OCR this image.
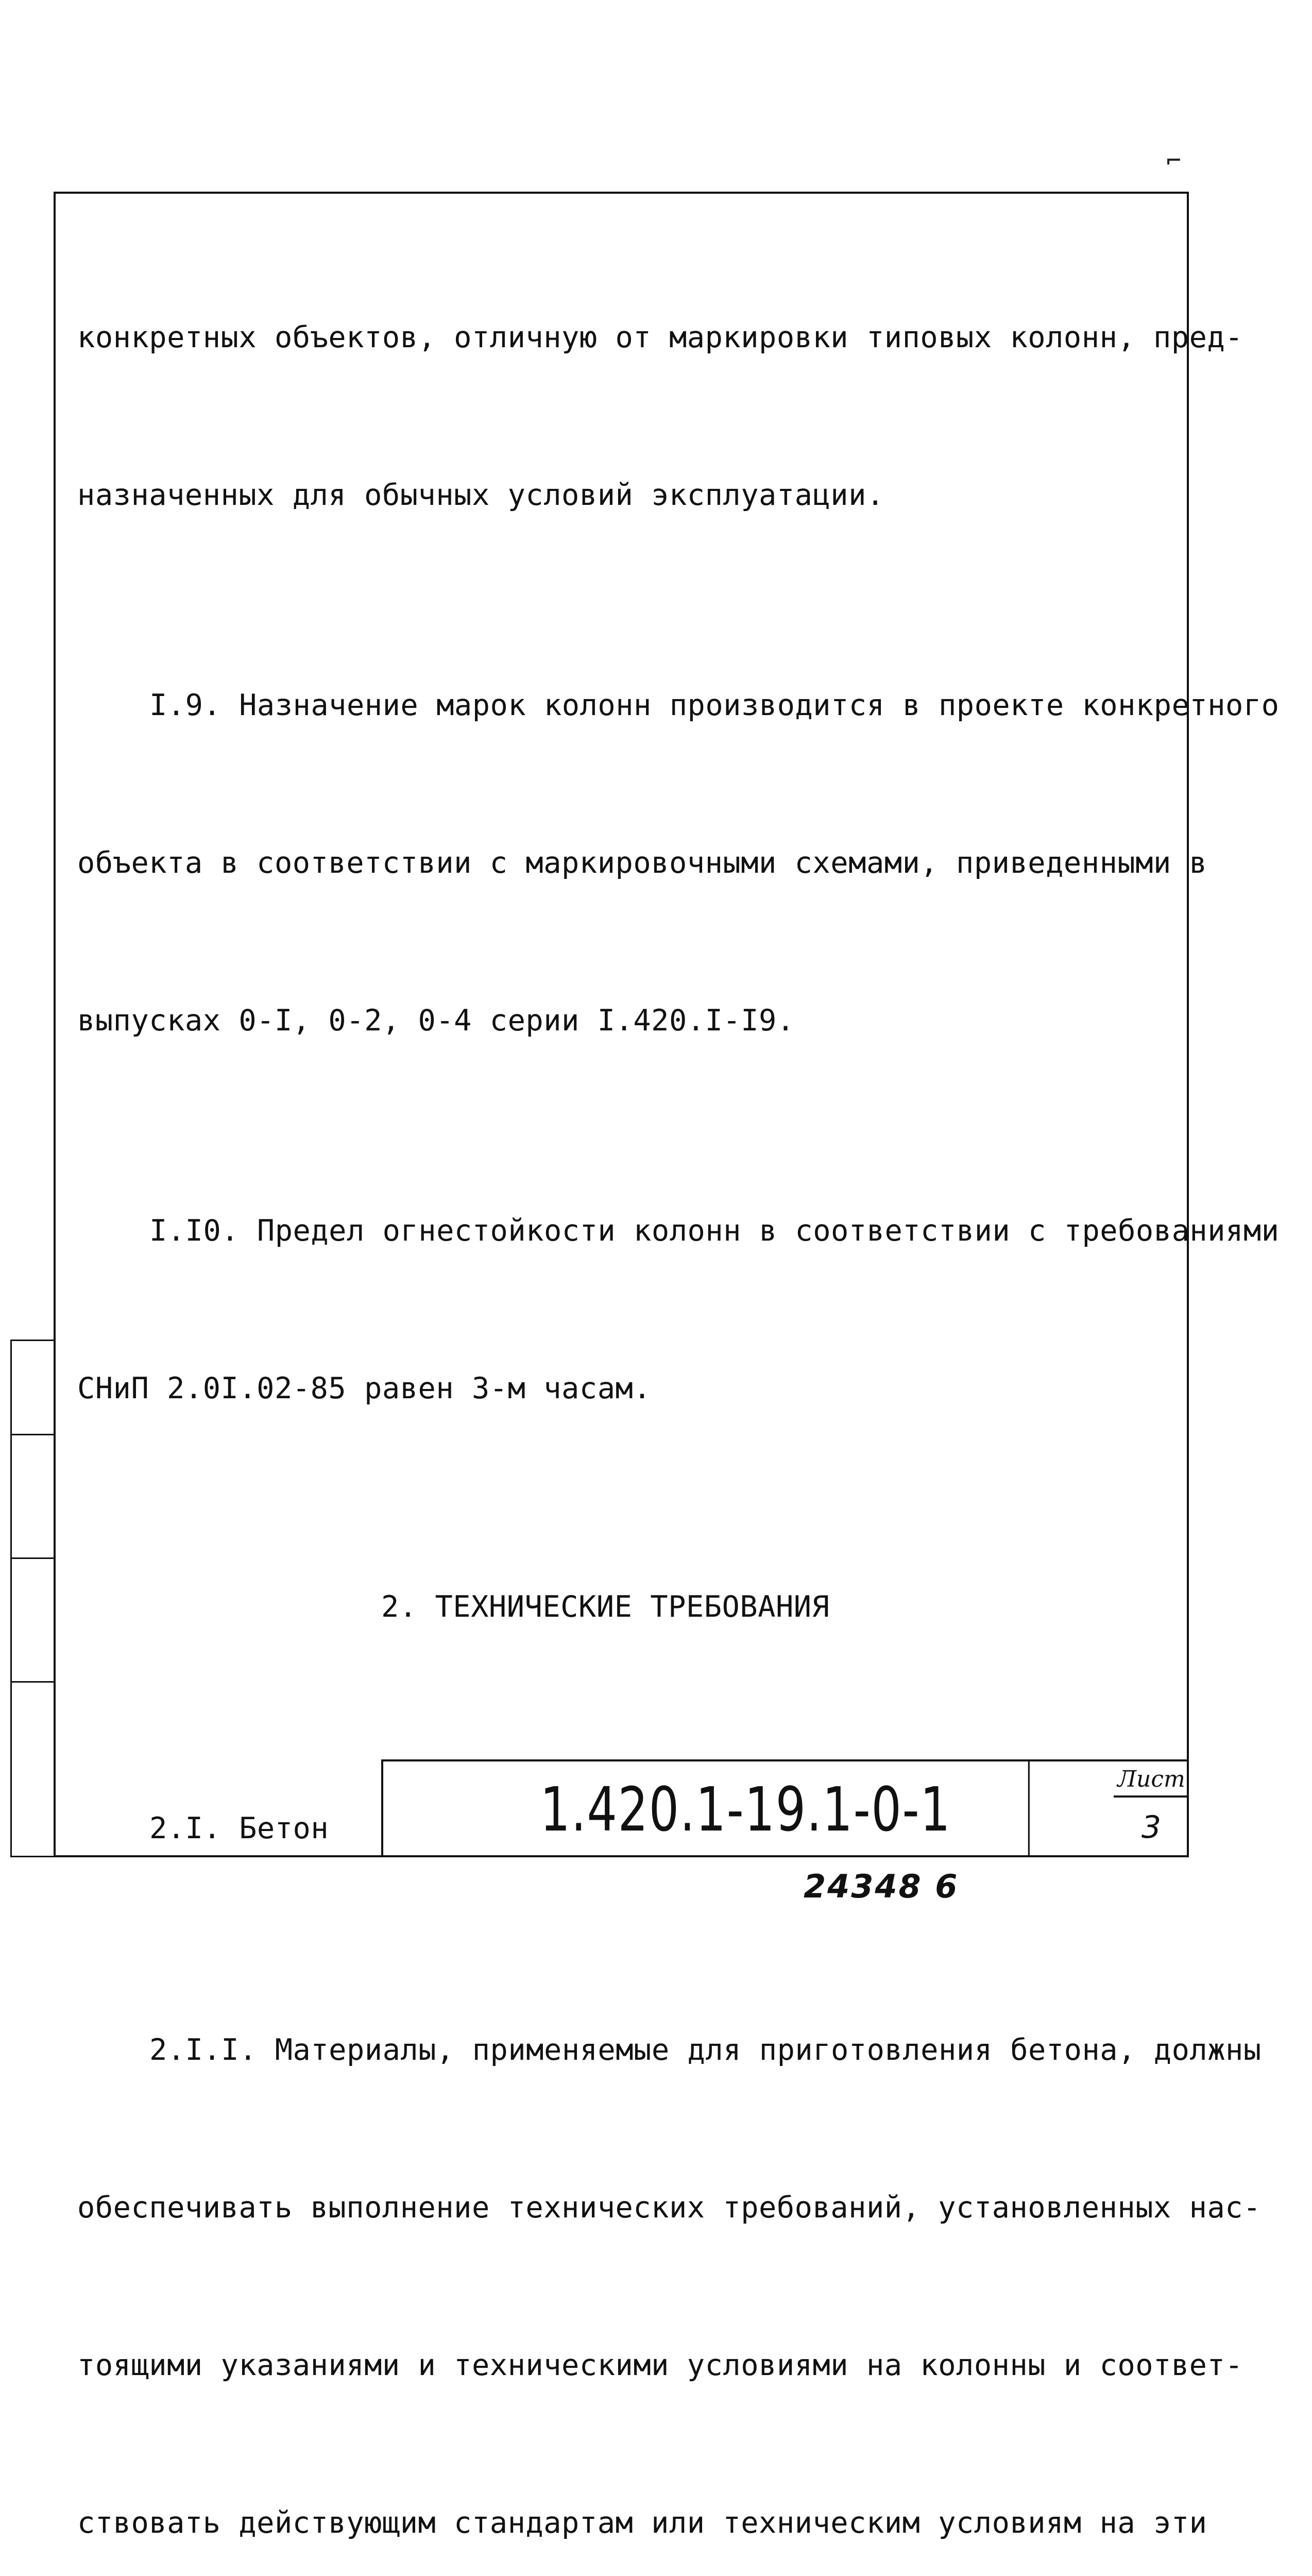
⌐

конкретных объектов, отличную от маркировки типовых колонн, пред-

назначенных для обычных условий эксплуатации.

I.9. Назначение марок колонн производится в проекте конкретного

объекта в соответствии с маркировочными схемами, приведенными в

выпусках 0-I, 0-2, 0-4 серии I.420.I-I9.

I.I0. Предел огнестойкости колонн в соответствии с требованиями

СНиП 2.0I.02-85 равен 3-м часам.

2. ТЕХНИЧЕСКИЕ ТРЕБОВАНИЯ

2.I. Бетон

2.I.I. Материалы, применяемые для приготовления бетона, должны

обеспечивать выполнение технических требований, установленных нас-

тоящими указаниями и техническими условиями на колонны и соответ-

ствовать действующим стандартам или техническим условиям на эти

1.420.1-19.1-0-1	Лист
3
24348 6
